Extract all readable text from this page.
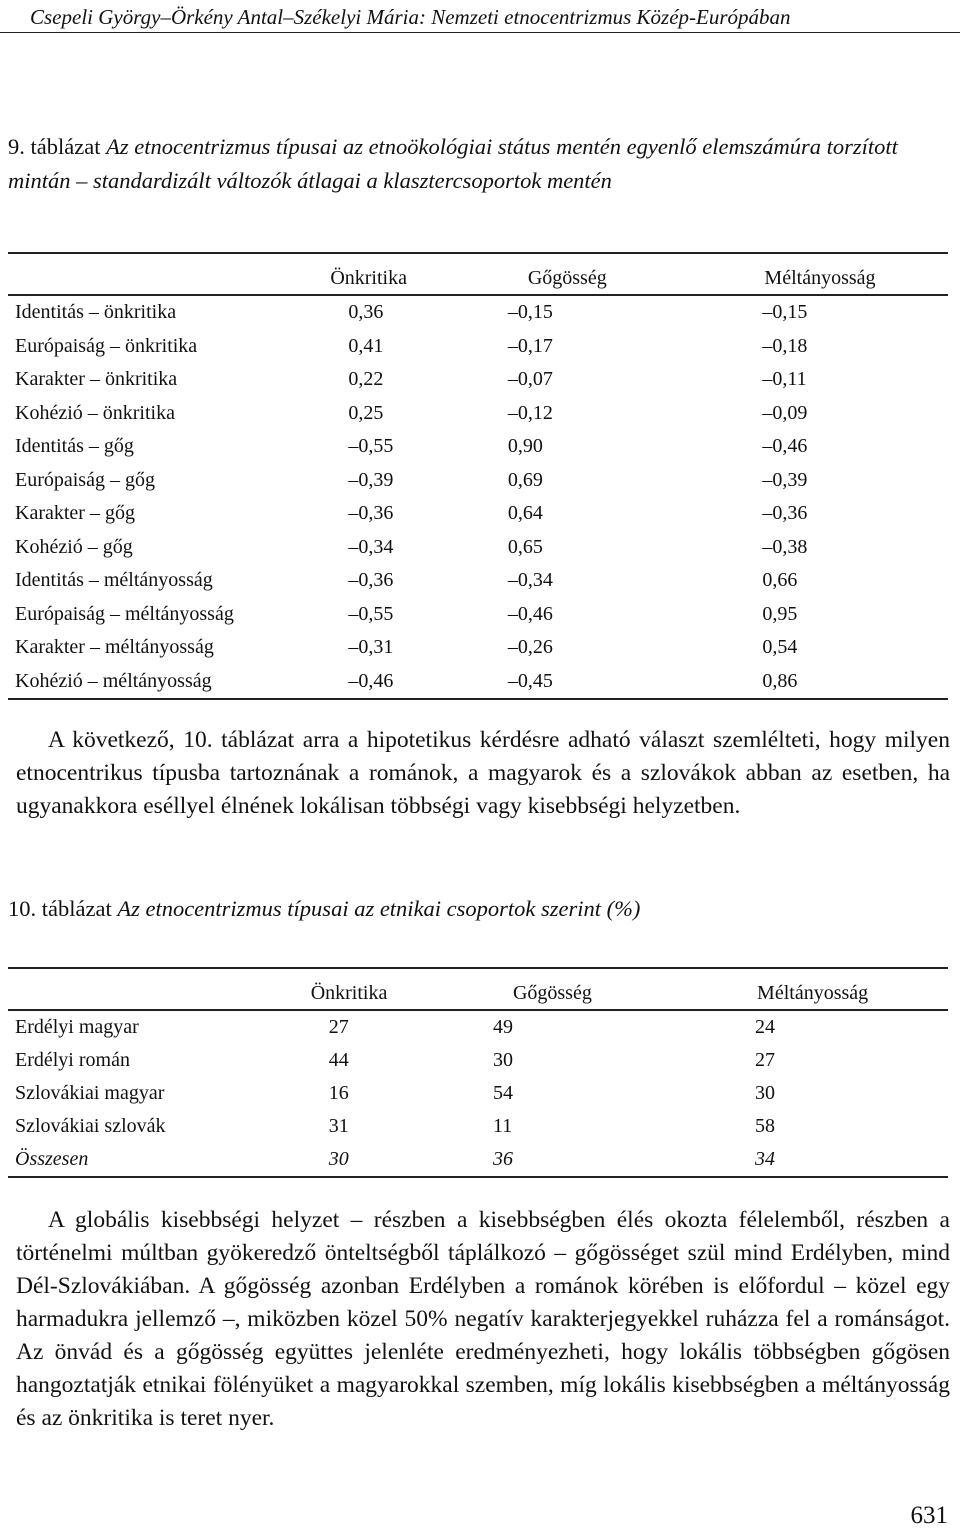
Csepeli György–Örkény Antal–Székelyi Mária: Nemzeti etnocentrizmus Közép-Európában
9. táblázat Az etnocentrizmus típusai az etnoökológiai státus mentén egyenlő elemszámúra torzított mintán – standardizált változók átlagai a klasztercsoportok mentén
	Önkritika	Gőgösség	Méltányosság
Identitás – önkritika	0,36	–0,15	–0,15
Európaiság – önkritika	0,41	–0,17	–0,18
Karakter – önkritika	0,22	–0,07	–0,11
Kohézió – önkritika	0,25	–0,12	–0,09
Identitás – gőg	–0,55	0,90	–0,46
Európaiság – gőg	–0,39	0,69	–0,39
Karakter – gőg	–0,36	0,64	–0,36
Kohézió – gőg	–0,34	0,65	–0,38
Identitás – méltányosság	–0,36	–0,34	0,66
Európaiság – méltányosság	–0,55	–0,46	0,95
Karakter – méltányosság	–0,31	–0,26	0,54
Kohézió – méltányosság	–0,46	–0,45	0,86
A következő, 10. táblázat arra a hipotetikus kérdésre adható választ szemlélteti, hogy milyen etnocentrikus típusba tartoznának a románok, a magyarok és a szlovákok abban az esetben, ha ugyanakkora eséllyel élnének lokálisan többségi vagy kisebbségi helyzetben.
10. táblázat Az etnocentrizmus típusai az etnikai csoportok szerint (%)
	Önkritika	Gőgösség	Méltányosság
Erdélyi magyar	27	49	24
Erdélyi román	44	30	27
Szlovákiai magyar	16	54	30
Szlovákiai szlovák	31	11	58
Összesen	30	36	34
A globális kisebbségi helyzet – részben a kisebbségben élés okozta félelemből, részben a történelmi múltban gyökeredző önteltségből táplálkozó – gőgösséget szül mind Erdélyben, mind Dél-Szlovákiában. A gőgösség azonban Erdélyben a románok körében is előfordul – közel egy harmadukra jellemző –, miközben közel 50% negatív karakterjegyekkel ruházza fel a románságot. Az önvád és a gőgösség együttes jelenléte eredményezheti, hogy lokális többségben gőgösen hangoztatják etnikai fölényüket a magyarokkal szemben, míg lokális kisebbségben a méltányosság és az önkritika is teret nyer.
631
